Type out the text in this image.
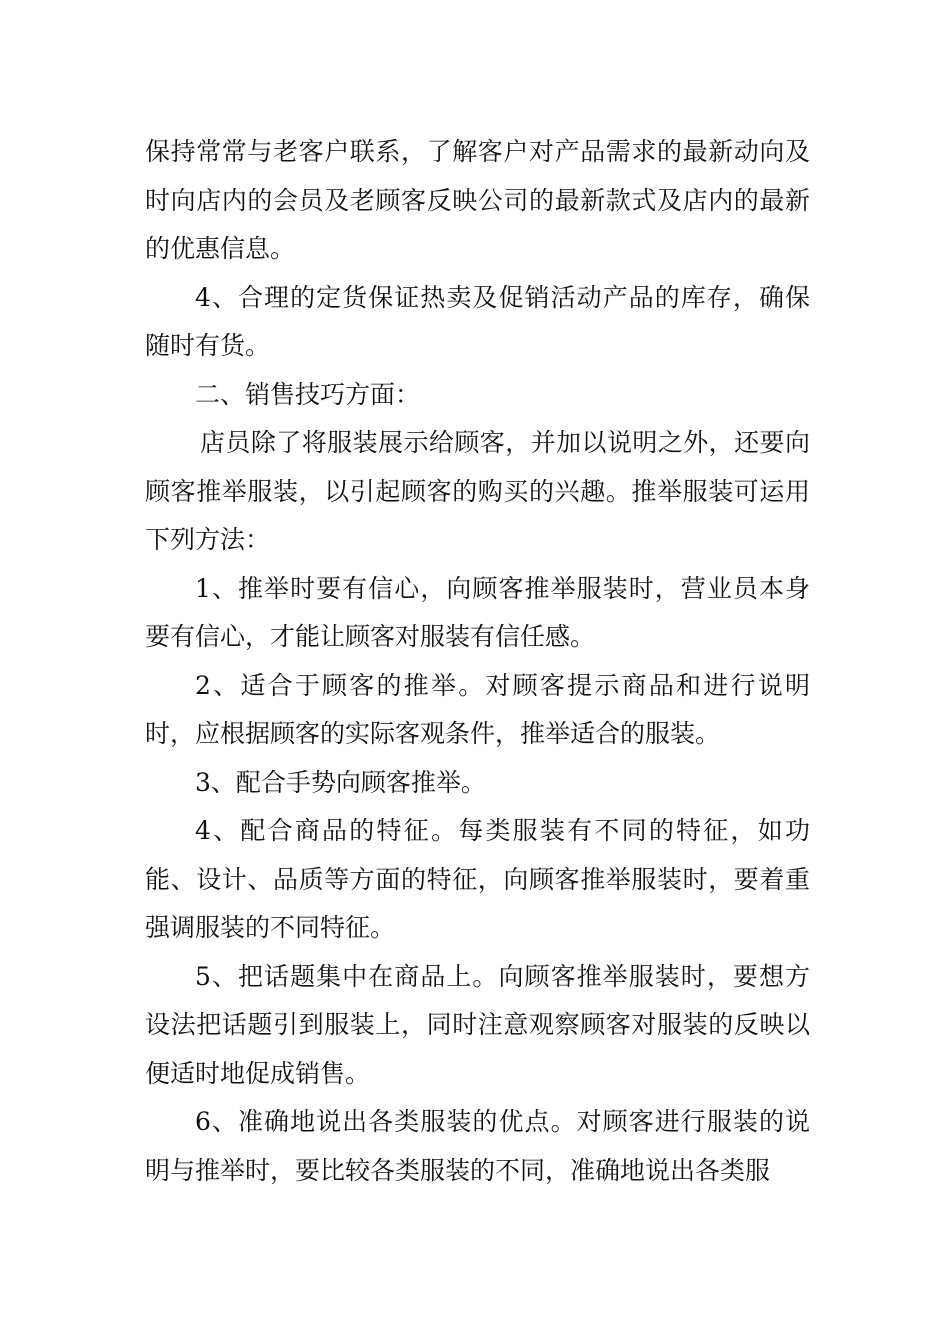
保持常常与老客户联系，了解客户对产品需求的最新动向及时向店内的会员及老顾客反映公司的最新款式及店内的最新的优惠信息。

4、合理的定货保证热卖及促销活动产品的库存，确保随时有货。

二、销售技巧方面：

店员除了将服装展示给顾客，并加以说明之外，还要向顾客推举服装，以引起顾客的购买的兴趣。推举服装可运用下列方法：

1、推举时要有信心，向顾客推举服装时，营业员本身要有信心，才能让顾客对服装有信任感。

2、适合于顾客的推举。对顾客提示商品和进行说明时，应根据顾客的实际客观条件，推举适合的服装。

3、配合手势向顾客推举。

4、配合商品的特征。每类服装有不同的特征，如功能、设计、品质等方面的特征，向顾客推举服装时，要着重强调服装的不同特征。

5、把话题集中在商品上。向顾客推举服装时，要想方设法把话题引到服装上，同时注意观察顾客对服装的反映以便适时地促成销售。

6、准确地说出各类服装的优点。对顾客进行服装的说明与推举时，要比较各类服装的不同，准确地说出各类服
